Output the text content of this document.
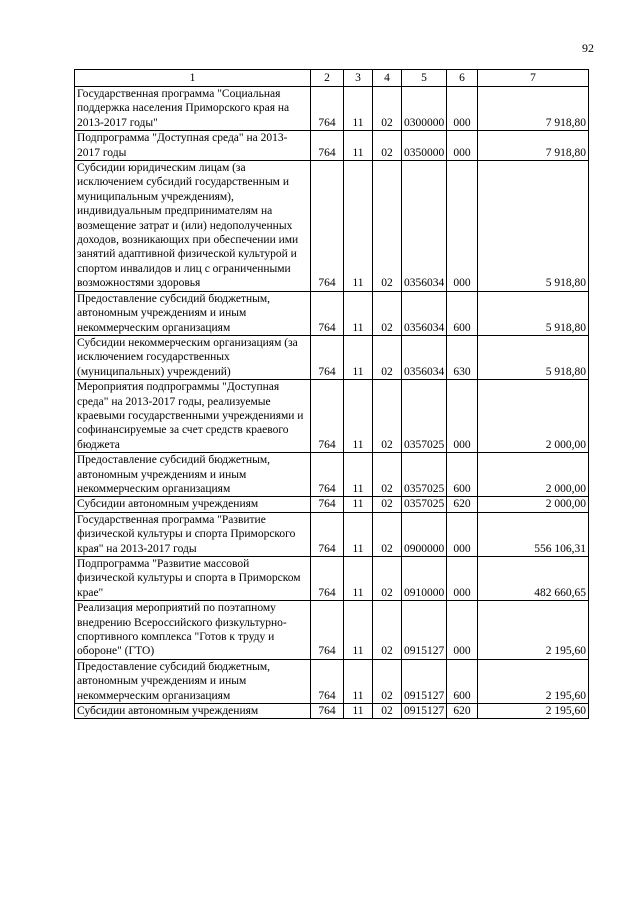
92
1	2	3	4	5	6	7
Государственная программа "Социальная поддержка населения Приморского края на 2013-2017 годы"	764	11	02	0300000	000	7 918,80
Подпрограмма "Доступная среда" на 2013-2017 годы	764	11	02	0350000	000	7 918,80
Субсидии юридическим лицам (за исключением субсидий государственным и муниципальным учреждениям), индивидуальным предпринимателям на возмещение затрат и (или) недополученных доходов, возникающих при обеспечении ими занятий адаптивной физической культурой и спортом инвалидов и лиц с ограниченными возможностями здоровья	764	11	02	0356034	000	5 918,80
Предоставление субсидий бюджетным, автономным учреждениям и иным некоммерческим организациям	764	11	02	0356034	600	5 918,80
Субсидии некоммерческим организациям (за исключением государственных (муниципальных) учреждений)	764	11	02	0356034	630	5 918,80
Мероприятия подпрограммы "Доступная среда" на 2013-2017 годы, реализуемые краевыми государственными учреждениями и софинансируемые за счет средств краевого бюджета	764	11	02	0357025	000	2 000,00
Предоставление субсидий бюджетным, автономным учреждениям и иным некоммерческим организациям	764	11	02	0357025	600	2 000,00
Субсидии автономным учреждениям	764	11	02	0357025	620	2 000,00
Государственная программа "Развитие физической культуры и спорта Приморского края" на 2013-2017 годы	764	11	02	0900000	000	556 106,31
Подпрограмма "Развитие массовой физической культуры и спорта в Приморском крае"	764	11	02	0910000	000	482 660,65
Реализация мероприятий по поэтапному внедрению Всероссийского физкультурно-спортивного комплекса "Готов к труду и обороне" (ГТО)	764	11	02	0915127	000	2 195,60
Предоставление субсидий бюджетным, автономным учреждениям и иным некоммерческим организациям	764	11	02	0915127	600	2 195,60
Субсидии автономным учреждениям	764	11	02	0915127	620	2 195,60
